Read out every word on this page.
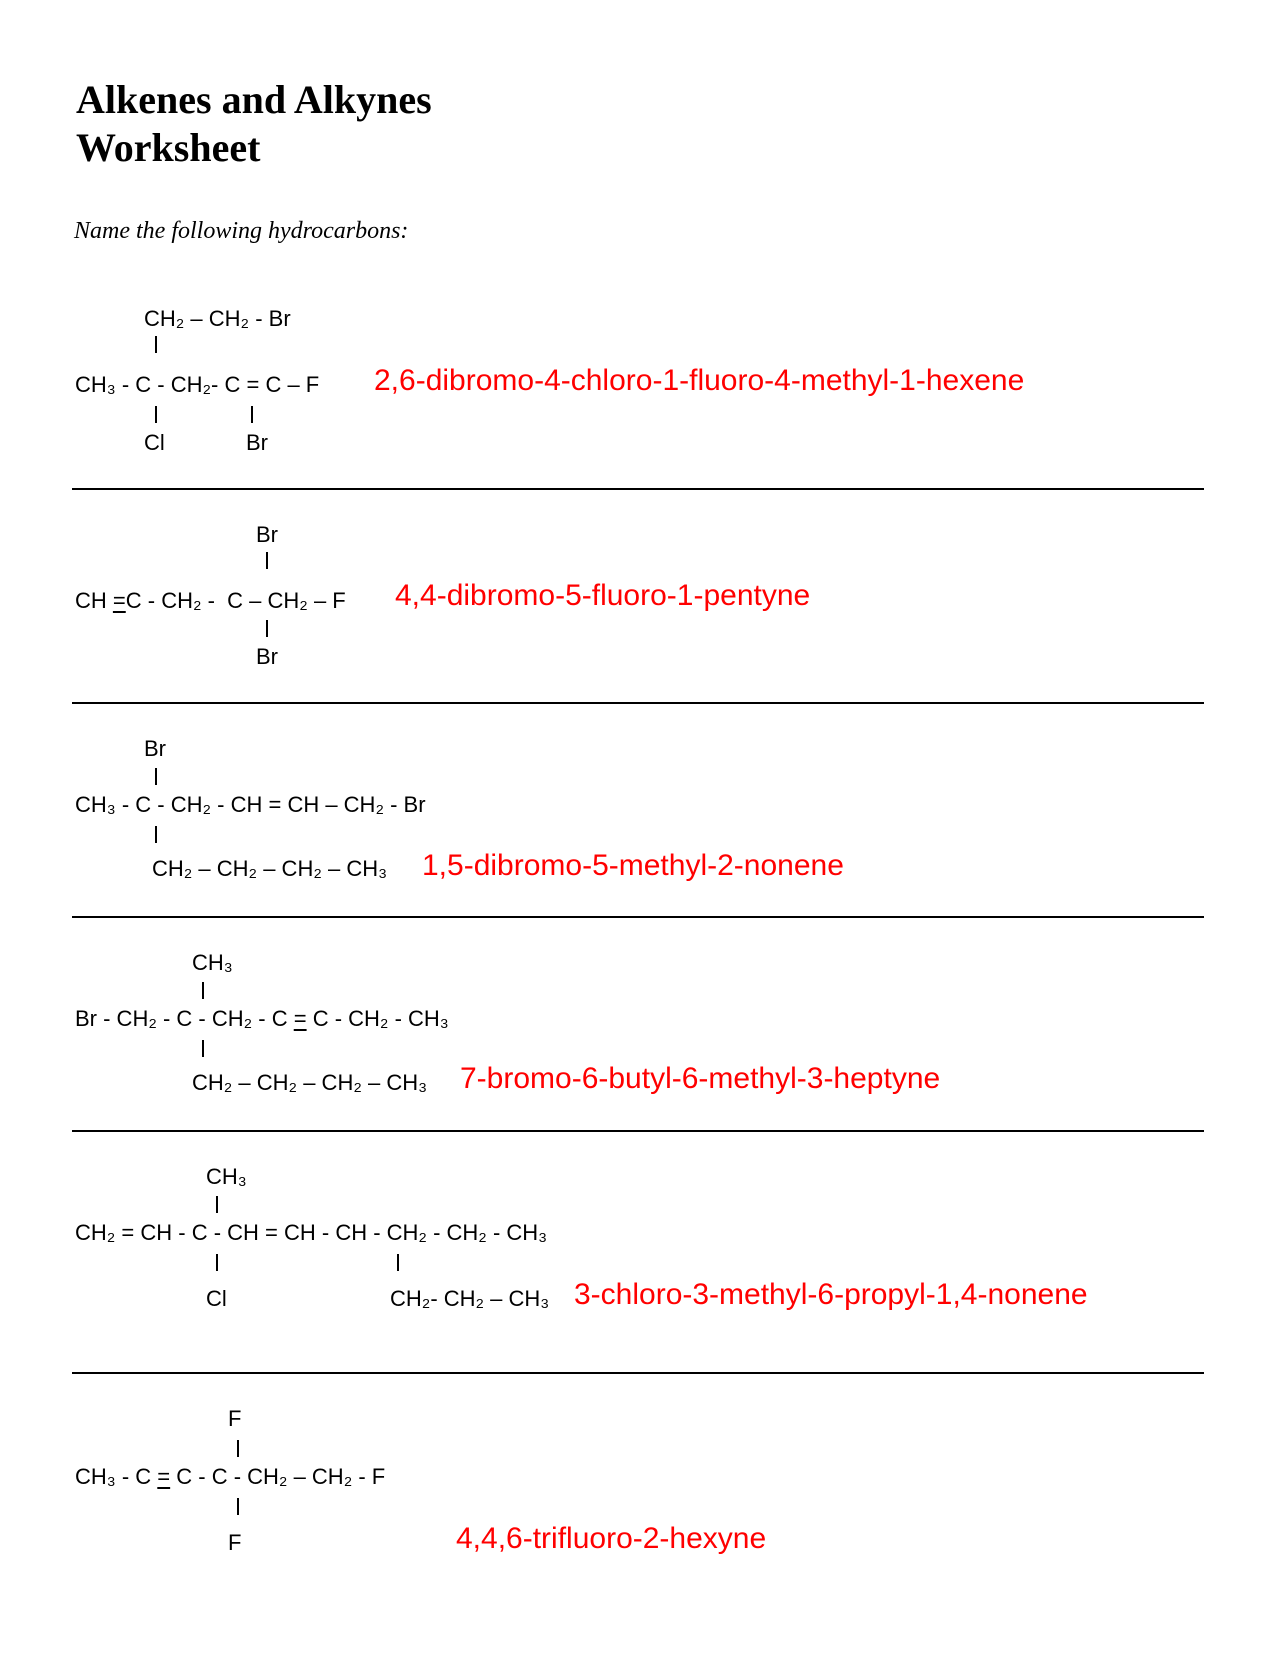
Alkenes and Alkynes
Worksheet
Name the following hydrocarbons:
CH₂ – CH₂ - Br
CH₃ - C - CH₂- C = C – F
Cl	Br
2,6-dibromo-4-chloro-1-fluoro-4-methyl-1-hexene
Br
CH =C - CH₂ -  C – CH₂ – F
Br
4,4-dibromo-5-fluoro-1-pentyne
Br
CH₃ - C - CH₂ - CH = CH – CH₂ - Br
CH₂ – CH₂ – CH₂ – CH₃ 1,5-dibromo-5-methyl-2-nonene
CH₃
Br - CH₂ - C - CH₂ - C = C - CH₂ - CH₃
CH₂ – CH₂ – CH₂ – CH₃ 7-bromo-6-butyl-6-methyl-3-heptyne
CH₃
CH₂ = CH - C - CH = CH - CH - CH₂ - CH₂ - CH₃
Cl	CH₂- CH₂ – CH₃ 3-chloro-3-methyl-6-propyl-1,4-nonene
F
CH₃ - C = C - C - CH₂ – CH₂ - F
F	4,4,6-trifluoro-2-hexyne
